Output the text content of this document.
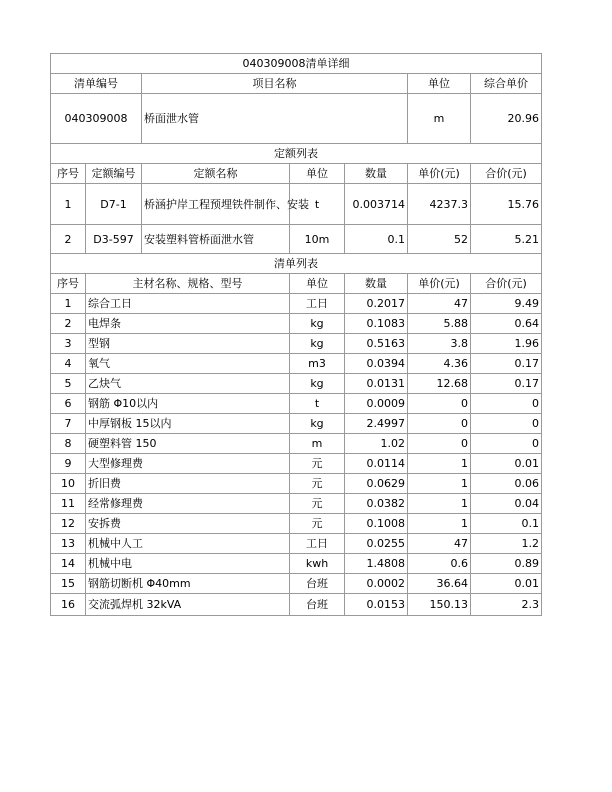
040309008清单详细						
清单编号		项目名称			单位	综合单价
040309008		桥面泄水管			m	20.96
定额列表						
序号	定额编号	定额名称	单位	数量	单价(元)	合价(元)
1	D7-1	桥涵护岸工程预埋铁件制作、安装	t	0.003714	4237.3	15.76
2	D3-597	安装塑料管桥面泄水管	10m	0.1	52	5.21
清单列表						
序号	主材名称、规格、型号		单位	数量	单价(元)	合价(元)
1	综合工日		工日	0.2017	47	9.49
2	电焊条		kg	0.1083	5.88	0.64
3	型钢		kg	0.5163	3.8	1.96
4	氧气		m3	0.0394	4.36	0.17
5	乙炔气		kg	0.0131	12.68	0.17
6	钢筋 Φ10以内		t	0.0009	0	0
7	中厚钢板 15以内		kg	2.4997	0	0
8	硬塑料管 150		m	1.02	0	0
9	大型修理费		元	0.0114	1	0.01
10	折旧费		元	0.0629	1	0.06
11	经常修理费		元	0.0382	1	0.04
12	安拆费		元	0.1008	1	0.1
13	机械中人工		工日	0.0255	47	1.2
14	机械中电		kwh	1.4808	0.6	0.89
15	钢筋切断机 Φ40mm		台班	0.0002	36.64	0.01
16	交流弧焊机 32kVA		台班	0.0153	150.13	2.3
